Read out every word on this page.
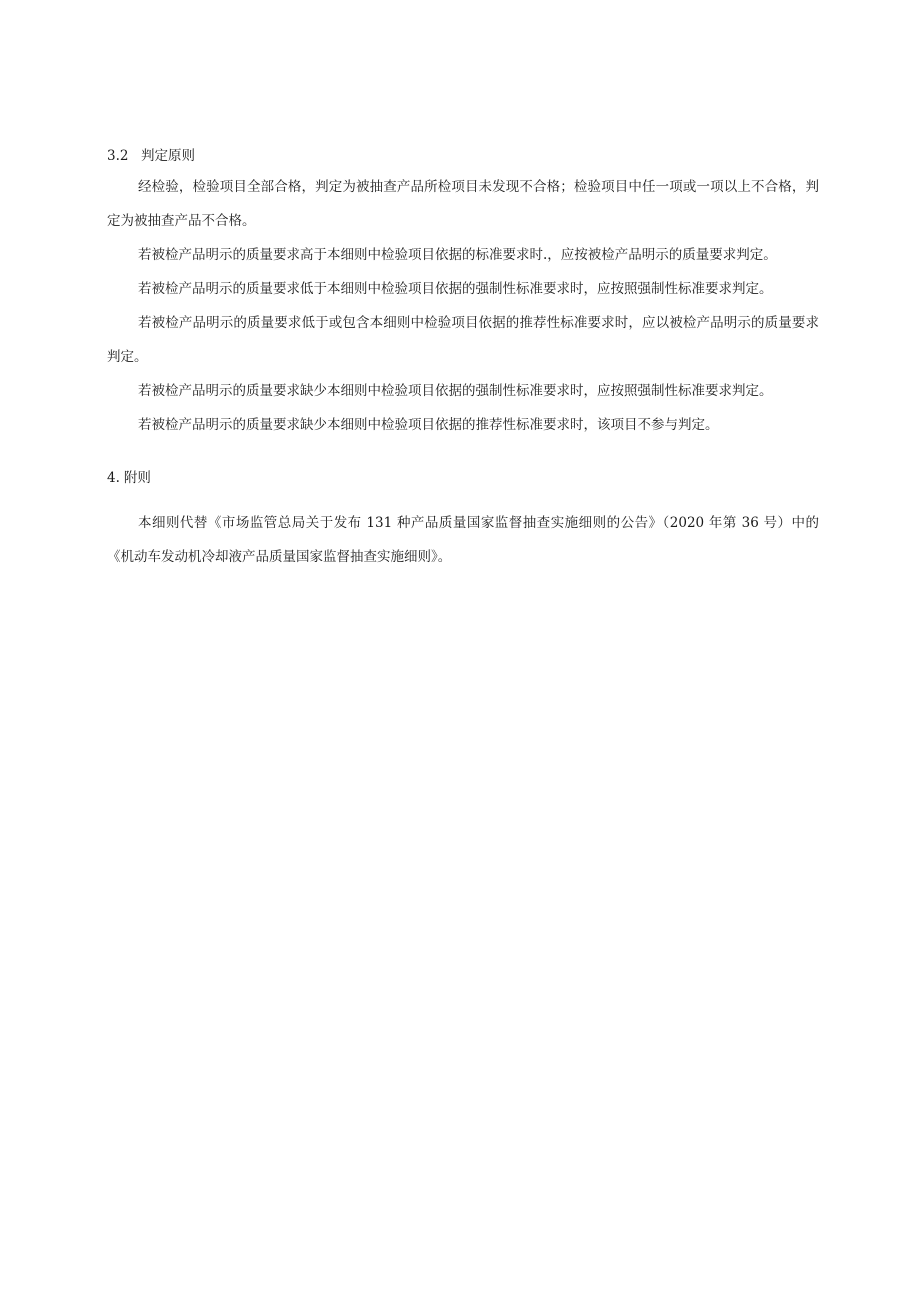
3.2 判定原则

经检验，检验项目全部合格，判定为被抽查产品所检项目未发现不合格；检验项目中任一项或一项以上不合格，判定为被抽查产品不合格。

若被检产品明示的质量要求高于本细则中检验项目依据的标准要求时.，应按被检产品明示的质量要求判定。

若被检产品明示的质量要求低于本细则中检验项目依据的强制性标准要求时，应按照强制性标准要求判定。

若被检产品明示的质量要求低于或包含本细则中检验项目依据的推荐性标准要求时，应以被检产品明示的质量要求判定。

若被检产品明示的质量要求缺少本细则中检验项目依据的强制性标准要求时，应按照强制性标准要求判定。

若被检产品明示的质量要求缺少本细则中检验项目依据的推荐性标准要求时，该项目不参与判定。

4. 附则

本细则代替《市场监管总局关于发布 131 种产品质量国家监督抽查实施细则的公告》（2020 年第 36 号）中的《机动车发动机冷却液产品质量国家监督抽查实施细则》。
